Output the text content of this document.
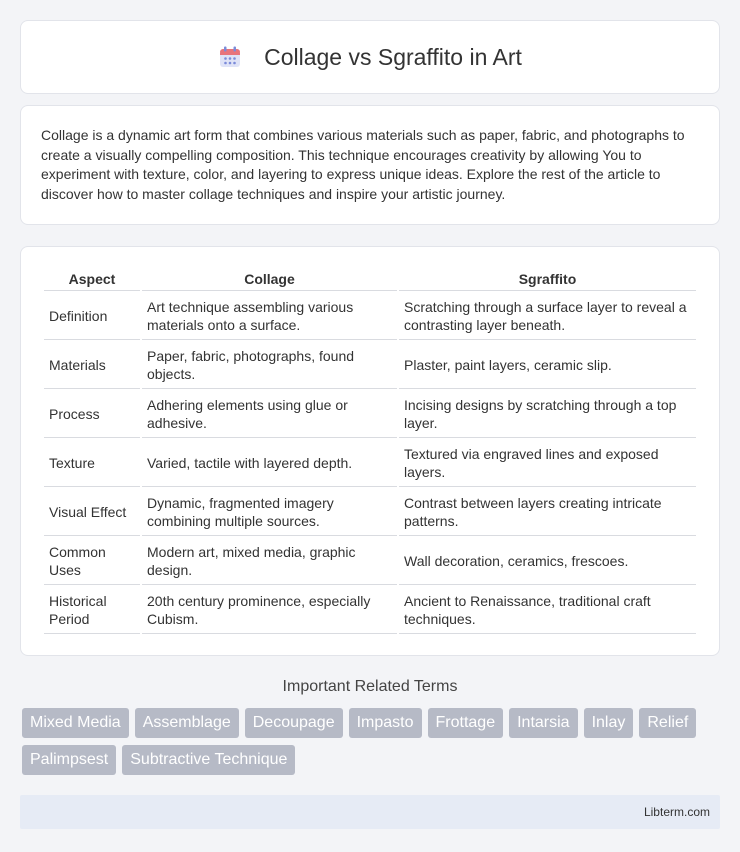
Collage vs Sgraffito in Art

Collage is a dynamic art form that combines various materials such as paper, fabric, and photographs to create a visually compelling composition. This technique encourages creativity by allowing You to experiment with texture, color, and layering to express unique ideas. Explore the rest of the article to discover how to master collage techniques and inspire your artistic journey.

Aspect	Collage	Sgraffito
Definition	Art technique assembling various materials onto a surface.	Scratching through a surface layer to reveal a contrasting layer beneath.
Materials	Paper, fabric, photographs, found objects.	Plaster, paint layers, ceramic slip.
Process	Adhering elements using glue or adhesive.	Incising designs by scratching through a top layer.
Texture	Varied, tactile with layered depth.	Textured via engraved lines and exposed layers.
Visual Effect	Dynamic, fragmented imagery combining multiple sources.	Contrast between layers creating intricate patterns.
Common Uses	Modern art, mixed media, graphic design.	Wall decoration, ceramics, frescoes.
Historical Period	20th century prominence, especially Cubism.	Ancient to Renaissance, traditional craft techniques.
Important Related Terms
Mixed Media	Assemblage	Decoupage	Impasto	Frottage	Intarsia	Inlay	Relief
Palimpsest	Subtractive Technique
Libterm.com
